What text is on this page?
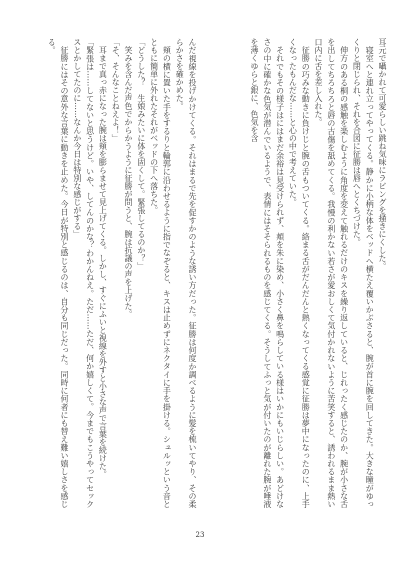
耳元で囁かれて可愛らしい跳ね気味にラビングを掻きにくした。

寝室へと連れ立ってやってくる。静かに小柄な体をベッドへ横たえ覆いかぶさると、腕が首に腕を回してきた。大きな瞳がゆっくりと閉じられ、それを合図に征勝は唇へとくちづけた。

伸方のある桐の感触を楽しむように角度を変えて触れるだけのキスを繰り返していると、じれったく感じたのか、腕が小さな舌を出してちろちろと唇の古傷を舐めてくる。我慢の利かない若さが愛おしくて気付かれないように苦笑すると、誘われるまま熱い口内に舌を差し入れた。

征勝の巧みな動きに負けじと腕の舌もついてくる。絡まる舌がだんだんと熱くなってくる感覚に征勝は夢中になったのに、上手くなったもんだな……と心の中で考えていた。

それでもその様子はにはまだ余裕は見受けられず、頬を朱に染め、小さく鼻を鳴らしている様はいかにもいじらしい。あどけなさの中に確かな色気が潜んでいるようで、表情にはそそられるものを感じてくる。そうしてふっと気が付いたのが離れた腕が唾液を薄くゆらと銀に、色気を含

んだ視線を投げかけてくる。それはまるで先を促すかのような誘い方だった。征勝は何度か調べるように髪を梳いてやり、その柔らかさを確かめた。

頬の横に置いた手をするりと輪郭に沿わせるように指でなぞると、キスは止めずにネクタイに手を掛ける。シュルッという音とともに簡単に外れたそれがベッドの下へ落ちた。

「どうした？　生娘みたいに体を固くして。緊張してるのか？」

笑みを含んだ声色でからかうように征勝が問うと、腕は抗議の声を上げた。

「そ、そんなことねえよ！」

耳まで真っ赤になった腕は頬を膨らませて見上げてくる。しかし、すぐにふいと視線を外すと小さな声で言葉を続けた。

「緊張は……してないと思うけど。いや、してんのかな？わかんねえ。ただ……ただ、何か嬉しくて。今までもこうやってセックスとかしてたのに……なんか今日は特別な感じがする」

征勝にはその意外な言葉に動きを止めた。今日が特別と感じるのは、自分も同じだった。同時に何者にも替え難い嬉しさを感じる。

23
